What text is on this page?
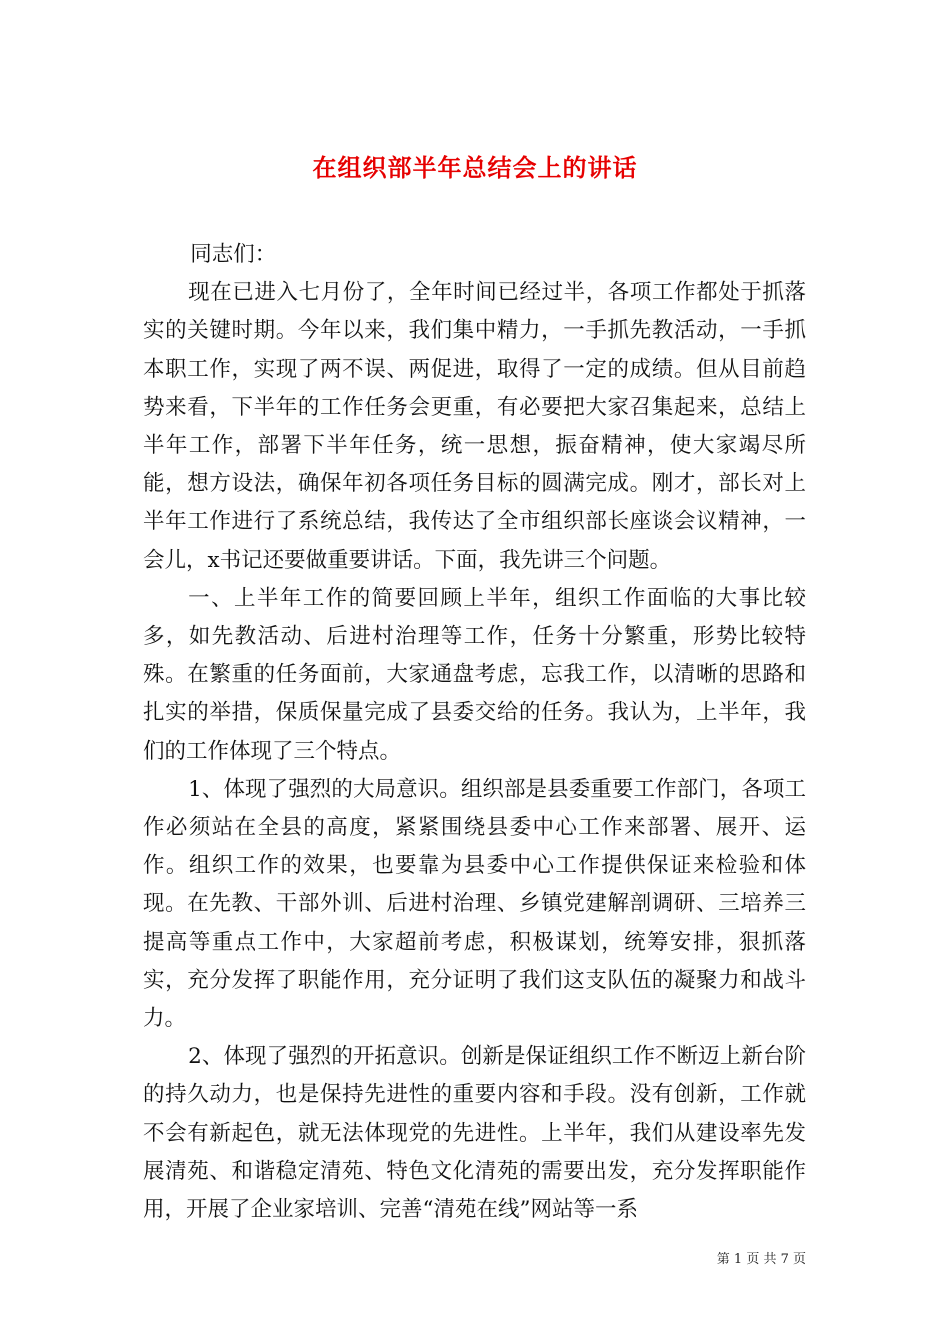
在组织部半年总结会上的讲话

同志们：

现在已进入七月份了，全年时间已经过半，各项工作都处于抓落实的关键时期。今年以来，我们集中精力，一手抓先教活动，一手抓本职工作，实现了两不误、两促进，取得了一定的成绩。但从目前趋势来看，下半年的工作任务会更重，有必要把大家召集起来，总结上半年工作，部署下半年任务，统一思想，振奋精神，使大家竭尽所能，想方设法，确保年初各项任务目标的圆满完成。刚才，部长对上半年工作进行了系统总结，我传达了全市组织部长座谈会议精神，一会儿，x书记还要做重要讲话。下面，我先讲三个问题。

一、上半年工作的简要回顾上半年，组织工作面临的大事比较多，如先教活动、后进村治理等工作，任务十分繁重，形势比较特殊。在繁重的任务面前，大家通盘考虑，忘我工作，以清晰的思路和扎实的举措，保质保量完成了县委交给的任务。我认为，上半年，我们的工作体现了三个特点。

1、体现了强烈的大局意识。组织部是县委重要工作部门，各项工作必须站在全县的高度，紧紧围绕县委中心工作来部署、展开、运作。组织工作的效果，也要靠为县委中心工作提供保证来检验和体现。在先教、干部外训、后进村治理、乡镇党建解剖调研、三培养三提高等重点工作中，大家超前考虑，积极谋划，统筹安排，狠抓落实，充分发挥了职能作用，充分证明了我们这支队伍的凝聚力和战斗力。

2、体现了强烈的开拓意识。创新是保证组织工作不断迈上新台阶的持久动力，也是保持先进性的重要内容和手段。没有创新，工作就不会有新起色，就无法体现党的先进性。上半年，我们从建设率先发展清苑、和谐稳定清苑、特色文化清苑的需要出发，充分发挥职能作用，开展了企业家培训、完善“清苑在线”网站等一系

第 1 页 共 7 页
